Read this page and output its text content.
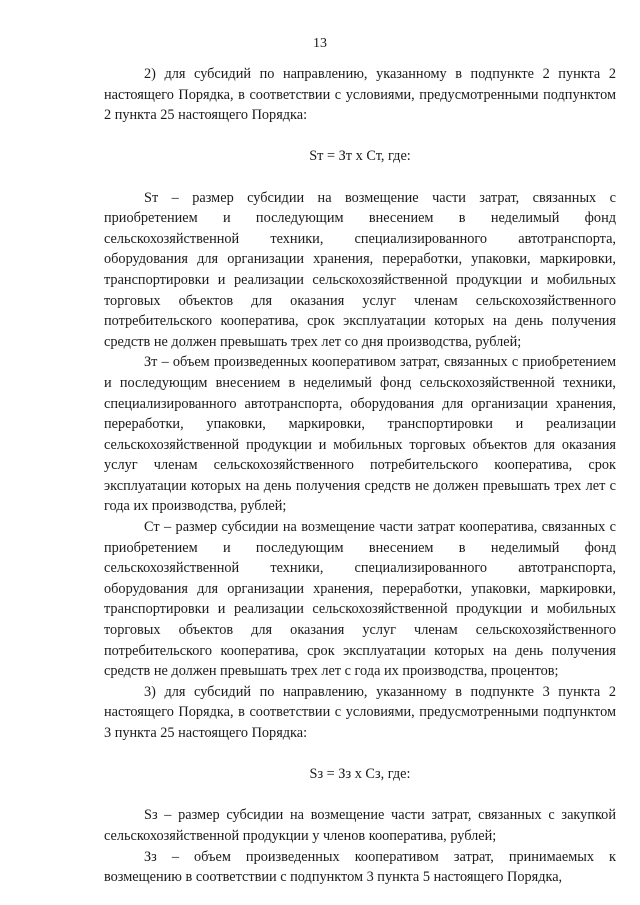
13

2) для субсидий по направлению, указанному в подпункте 2 пункта 2 настоящего Порядка, в соответствии с условиями, предусмотренными подпунктом 2 пункта 25 настоящего Порядка:

Sт = Зт х Ст, где:

Sт – размер субсидии на возмещение части затрат, связанных с приобретением и последующим внесением в неделимый фонд сельскохозяйственной техники, специализированного автотранспорта, оборудования для организации хранения, переработки, упаковки, маркировки, транспортировки и реализации сельскохозяйственной продукции и мобильных торговых объектов для оказания услуг членам сельскохозяйственного потребительского кооператива, срок эксплуатации которых на день получения средств не должен превышать трех лет со дня производства, рублей;

Зт – объем произведенных кооперативом затрат, связанных с приобретением и последующим внесением в неделимый фонд сельскохозяйственной техники, специализированного автотранспорта, оборудования для организации хранения, переработки, упаковки, маркировки, транспортировки и реализации сельскохозяйственной продукции и мобильных торговых объектов для оказания услуг членам сельскохозяйственного потребительского кооператива, срок эксплуатации которых на день получения средств не должен превышать трех лет с года их производства, рублей;

Ст – размер субсидии на возмещение части затрат кооператива, связанных с приобретением и последующим внесением в неделимый фонд сельскохозяйственной техники, специализированного автотранспорта, оборудования для организации хранения, переработки, упаковки, маркировки, транспортировки и реализации сельскохозяйственной продукции и мобильных торговых объектов для оказания услуг членам сельскохозяйственного потребительского кооператива, срок эксплуатации которых на день получения средств не должен превышать трех лет с года их производства, процентов;

3) для субсидий по направлению, указанному в подпункте 3 пункта 2 настоящего Порядка, в соответствии с условиями, предусмотренными подпунктом 3 пункта 25 настоящего Порядка:

Sз = Зз х Сз, где:

Sз – размер субсидии на возмещение части затрат, связанных с закупкой сельскохозяйственной продукции у членов кооператива, рублей;

Зз – объем произведенных кооперативом затрат, принимаемых к возмещению в соответствии с подпунктом 3 пункта 5 настоящего Порядка,
